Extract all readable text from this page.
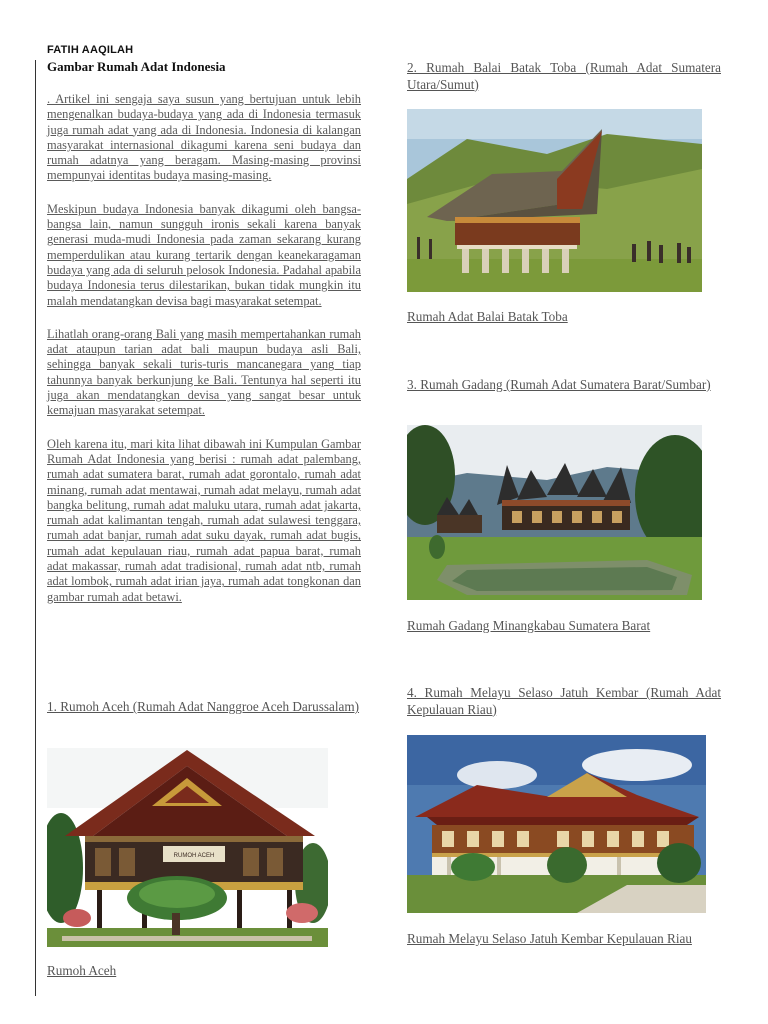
FATIH AAQILAH
Gambar Rumah Adat Indonesia

. Artikel ini sengaja saya susun yang bertujuan untuk lebih mengenalkan budaya-budaya yang ada di Indonesia termasuk juga rumah adat yang ada di Indonesia. Indonesia di kalangan masyarakat internasional dikagumi karena seni budaya dan rumah adatnya yang beragam. Masing-masing provinsi mempunyai identitas budaya masing-masing.

Meskipun budaya Indonesia banyak dikagumi oleh bangsa-bangsa lain, namun sungguh ironis sekali karena banyak generasi muda-mudi Indonesia pada zaman sekarang kurang memperdulikan atau kurang tertarik dengan keanekaragaman budaya yang ada di seluruh pelosok Indonesia. Padahal apabila budaya Indonesia terus dilestarikan, bukan tidak mungkin itu malah mendatangkan devisa bagi masyarakat setempat.

Lihatlah orang-orang Bali yang masih mempertahankan rumah adat ataupun tarian adat bali maupun budaya asli Bali, sehingga banyak sekali turis-turis mancanegara yang tiap tahunnya banyak berkunjung ke Bali. Tentunya hal seperti itu juga akan mendatangkan devisa yang sangat besar untuk kemajuan masyarakat setempat.

Oleh karena itu, mari kita lihat dibawah ini Kumpulan Gambar Rumah Adat Indonesia yang berisi : rumah adat palembang, rumah adat sumatera barat, rumah adat gorontalo, rumah adat minang, rumah adat mentawai, rumah adat melayu, rumah adat bangka belitung, rumah adat maluku utara, rumah adat jakarta, rumah adat kalimantan tengah, rumah adat sulawesi tenggara, rumah adat banjar, rumah adat suku dayak, rumah adat bugis, rumah adat kepulauan riau, rumah adat papua barat, rumah adat makassar, rumah adat tradisional, rumah adat ntb, rumah adat lombok, rumah adat irian jaya, rumah adat tongkonan dan gambar rumah adat betawi.

1. Rumoh Aceh (Rumah Adat Nanggroe Aceh Darussalam)
RUMOH ACEH
Rumoh Aceh
2. Rumah Balai Batak Toba (Rumah Adat Sumatera Utara/Sumut)
Rumah Adat Balai Batak Toba
3. Rumah Gadang (Rumah Adat Sumatera Barat/Sumbar)
Rumah Gadang Minangkabau Sumatera Barat
4. Rumah Melayu Selaso Jatuh Kembar (Rumah Adat Kepulauan Riau)
Rumah Melayu Selaso Jatuh Kembar Kepulauan Riau
